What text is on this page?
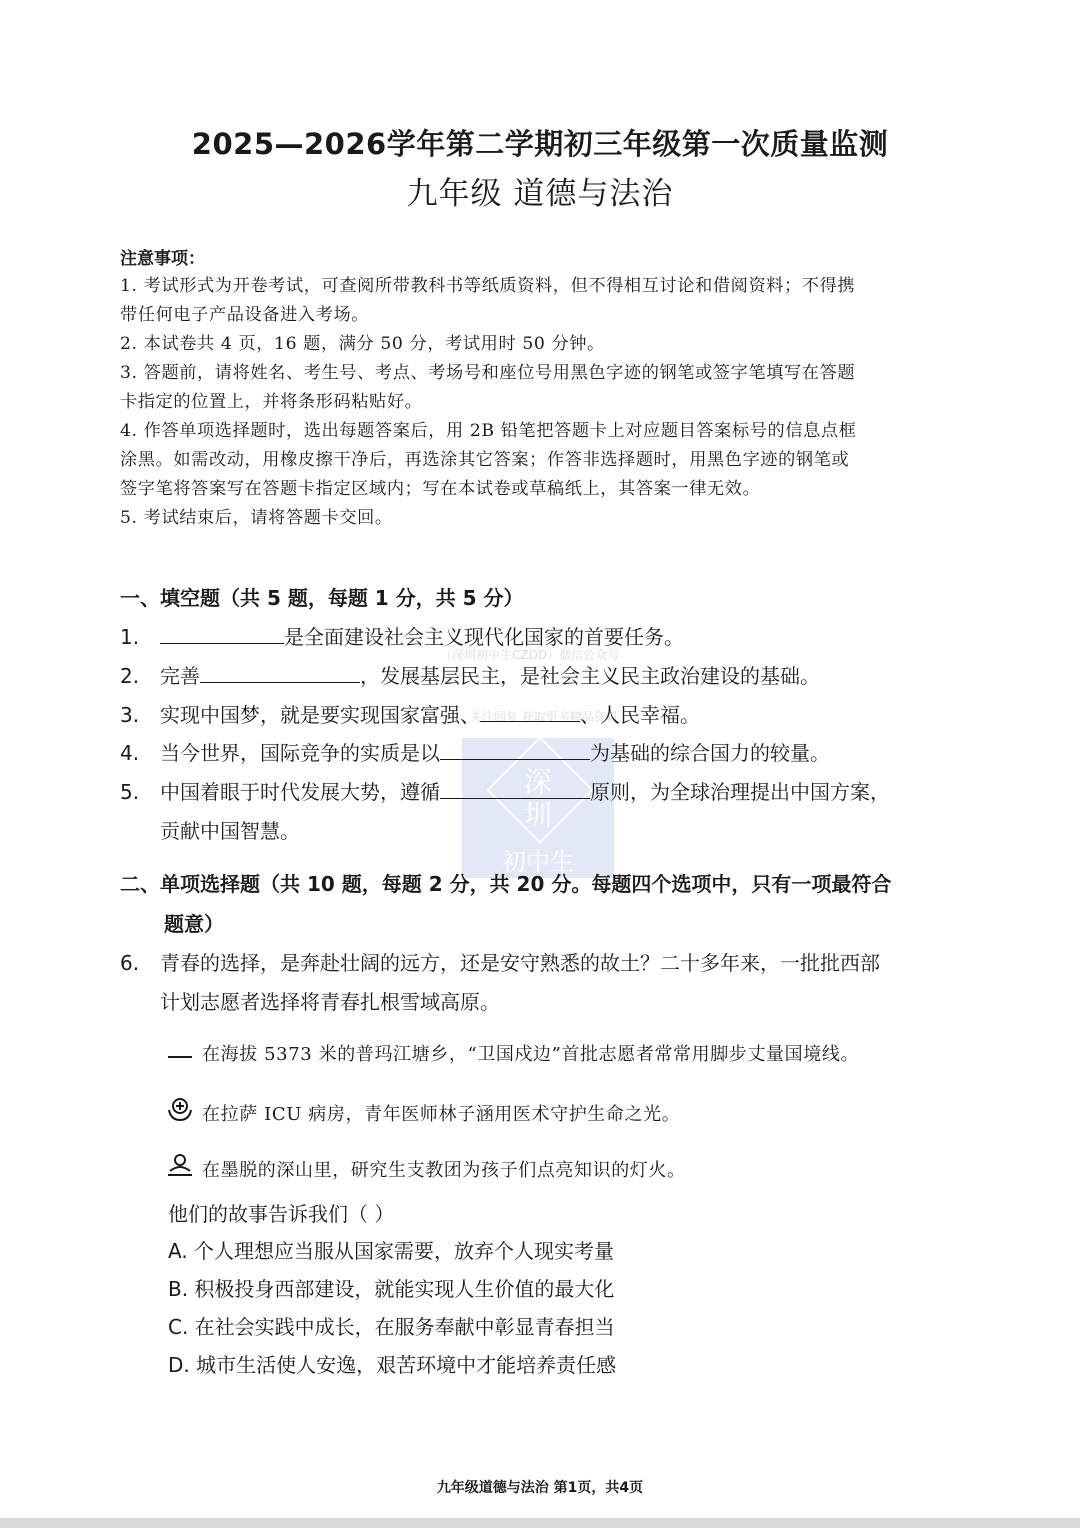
2025—2026学年第二学期初三年级第一次质量监测
九年级 道德与法治
注意事项：

1. 考试形式为开卷考试，可查阅所带教科书等纸质资料，但不得相互讨论和借阅资料；不得携

带任何电子产品设备进入考场。

2. 本试卷共 4 页，16 题，满分 50 分，考试用时 50 分钟。

3. 答题前，请将姓名、考生号、考点、考场号和座位号用黑色字迹的钢笔或签字笔填写在答题

卡指定的位置上，并将条形码粘贴好。

4. 作答单项选择题时，选出每题答案后，用 2B 铅笔把答题卡上对应题目答案标号的信息点框

涂黑。如需改动，用橡皮擦干净后，再选涂其它答案；作答非选择题时，用黑色字迹的钢笔或

签字笔将答案写在答题卡指定区域内；写在本试卷或草稿纸上，其答案一律无效。

5. 考试结束后，请将答题卡交回。

深
圳
初中生
（深圳初中生CZDD）微信公众号
关注回复 获取更多精品资料
一、填空题（共 5 题，每题 1 分，共 5 分）
1.	是全面建设社会主义现代化国家的首要任务。
2. 完善	，发展基层民主，是社会主义民主政治建设的基础。
3. 实现中国梦，就是要实现国家富强、	、人民幸福。
4. 当今世界，国际竞争的实质是以	为基础的综合国力的较量。
5. 中国着眼于时代发展大势，遵循	原则，为全球治理提出中国方案，
贡献中国智慧。
二、单项选择题（共 10 题，每题 2 分，共 20 分。每题四个选项中，只有一项最符合
题意）
6. 青春的选择，是奔赴壮阔的远方，还是安守熟悉的故土？二十多年来，一批批西部
计划志愿者选择将青春扎根雪域高原。
在海拔 5373 米的普玛江塘乡，“卫国戍边”首批志愿者常常用脚步丈量国境线。
在拉萨 ICU 病房，青年医师林子涵用医术守护生命之光。
在墨脱的深山里，研究生支教团为孩子们点亮知识的灯火。
他们的故事告诉我们（ ）
A. 个人理想应当服从国家需要，放弃个人现实考量
B. 积极投身西部建设，就能实现人生价值的最大化
C. 在社会实践中成长，在服务奉献中彰显青春担当
D. 城市生活使人安逸，艰苦环境中才能培养责任感
九年级道德与法治 第1页，共4页
